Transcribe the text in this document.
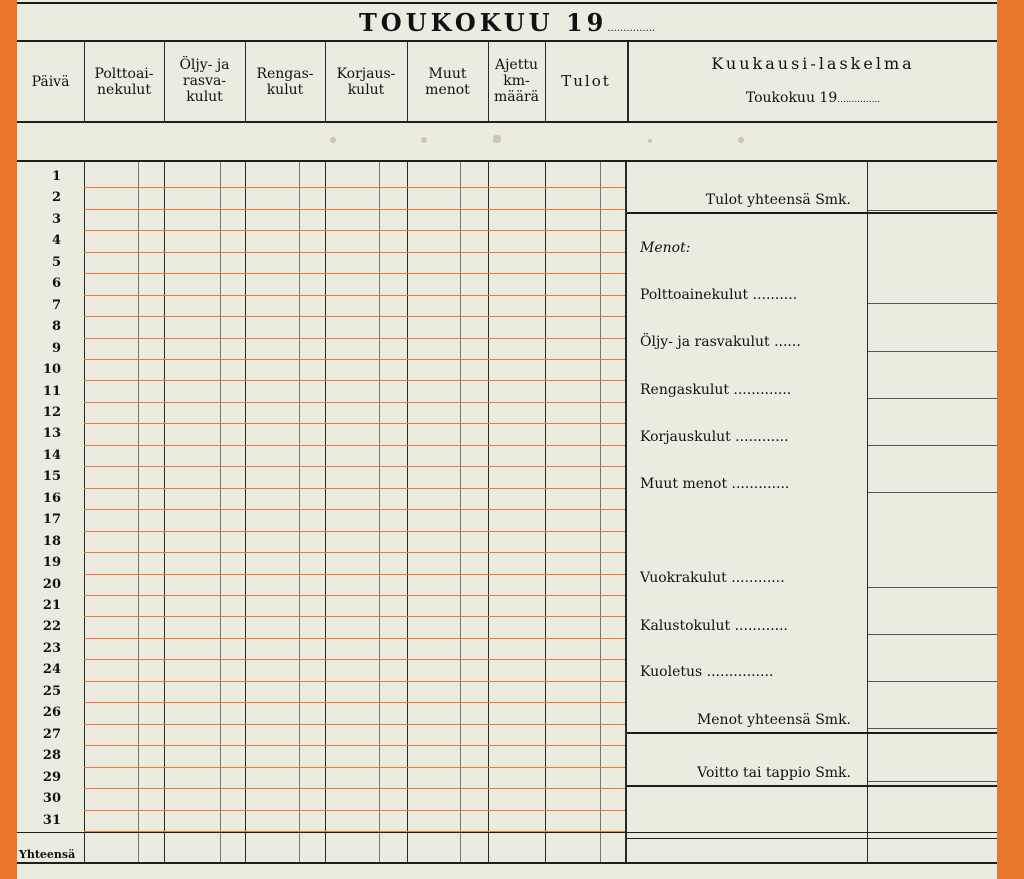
TOUKOKUU 19...............
Päivä	Polttoai-
nekulut
Öljy- ja
rasva-
kulut
Rengas-
kulut
Korjaus-
kulut
Muut
menot
Ajettu
km-
määrä
Tulot
Kuukausi-laskelma
Toukokuu 19...............
1
2
3
4
5
6
7
8
9
10
11
12
13
14
15
16
17
18
19
20
21
22
23
24
25
26
27
28
29
30
31
Yhteensä
Tulot yhteensä Smk.
Menot:
Polttoainekulut ..........
Öljy- ja rasvakulut ......
Rengaskulut .............
Korjauskulut ............
Muut menot .............
Vuokrakulut ............
Kalustokulut ............
Kuoletus ...............
Menot yhteensä Smk.
Voitto tai tappio Smk.
